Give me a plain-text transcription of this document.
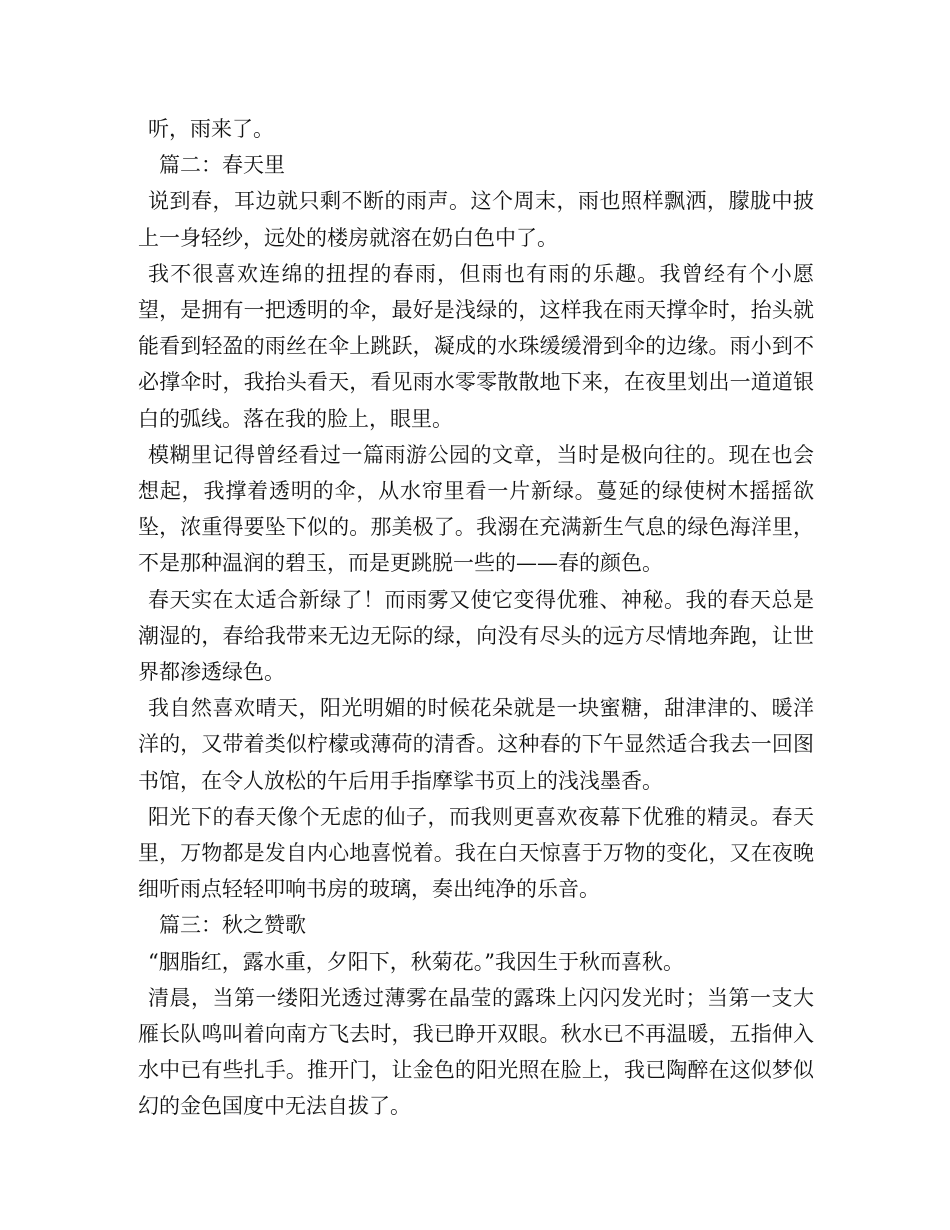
听，雨来了。

篇二：春天里

说到春，耳边就只剩不断的雨声。这个周末，雨也照样飘洒，朦胧中披上一身轻纱，远处的楼房就溶在奶白色中了。

我不很喜欢连绵的扭捏的春雨，但雨也有雨的乐趣。我曾经有个小愿望，是拥有一把透明的伞，最好是浅绿的，这样我在雨天撑伞时，抬头就能看到轻盈的雨丝在伞上跳跃，凝成的水珠缓缓滑到伞的边缘。雨小到不必撑伞时，我抬头看天，看见雨水零零散散地下来，在夜里划出一道道银白的弧线。落在我的脸上，眼里。

模糊里记得曾经看过一篇雨游公园的文章，当时是极向往的。现在也会想起，我撑着透明的伞，从水帘里看一片新绿。蔓延的绿使树木摇摇欲坠，浓重得要坠下似的。那美极了。我溺在充满新生气息的绿色海洋里，不是那种温润的碧玉，而是更跳脱一些的——春的颜色。

春天实在太适合新绿了！而雨雾又使它变得优雅、神秘。我的春天总是潮湿的，春给我带来无边无际的绿，向没有尽头的远方尽情地奔跑，让世界都渗透绿色。

我自然喜欢晴天，阳光明媚的时候花朵就是一块蜜糖，甜津津的、暖洋洋的，又带着类似柠檬或薄荷的清香。这种春的下午显然适合我去一回图书馆，在令人放松的午后用手指摩挲书页上的浅浅墨香。

阳光下的春天像个无虑的仙子，而我则更喜欢夜幕下优雅的精灵。春天里，万物都是发自内心地喜悦着。我在白天惊喜于万物的变化，又在夜晚细听雨点轻轻叩响书房的玻璃，奏出纯净的乐音。

篇三：秋之赞歌

“胭脂红，露水重，夕阳下，秋菊花。”我因生于秋而喜秋。

清晨，当第一缕阳光透过薄雾在晶莹的露珠上闪闪发光时；当第一支大雁长队鸣叫着向南方飞去时，我已睁开双眼。秋水已不再温暖，五指伸入水中已有些扎手。推开门，让金色的阳光照在脸上，我已陶醉在这似梦似幻的金色国度中无法自拔了。
